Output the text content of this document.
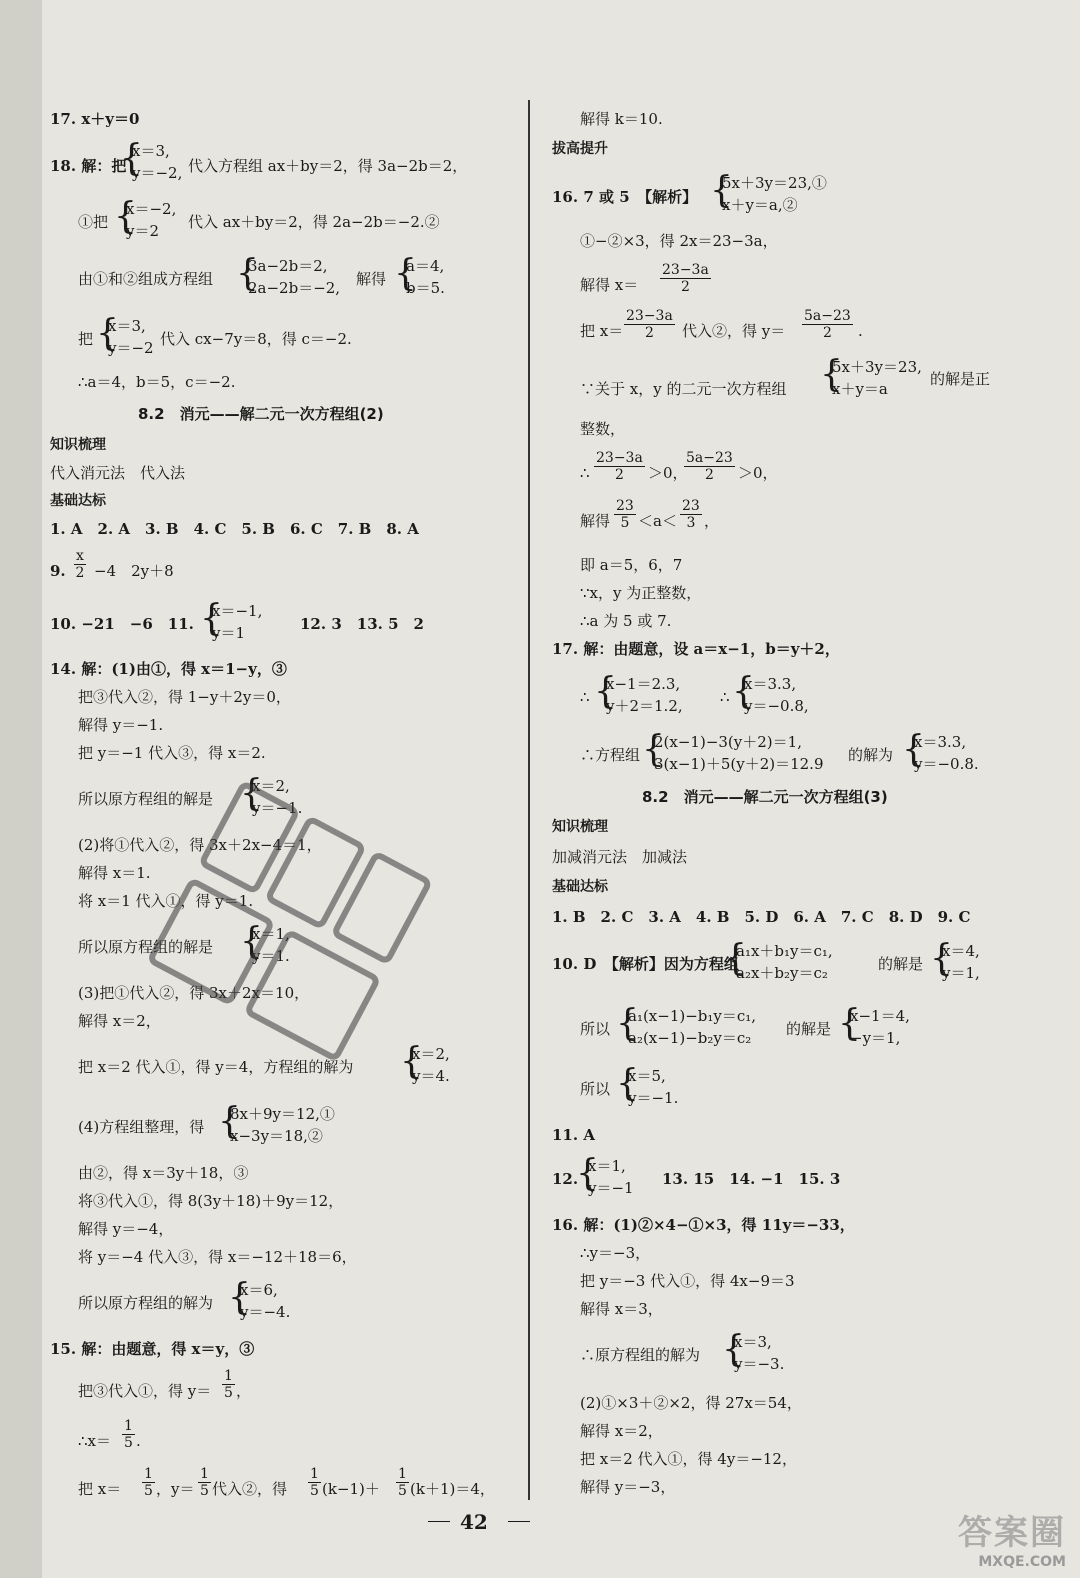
17. x＋y＝0
18. 解：把
{
x＝3,
y＝−2, 代入方程组 ax＋by＝2，得 3a−2b＝2，
①把 {
x＝−2,
y＝2 代入 ax＋by＝2，得 2a−2b＝−2.②
由①和②组成方程组 {
3a−2b＝2,
2a−2b＝−2, 解得 {
a＝4,
b＝5.
把 {
x＝3,
y＝−2 代入 cx−7y＝8，得 c＝−2.
∴a＝4，b＝5，c＝−2.
8.2　消元——解二元一次方程组(2)
知识梳理
代入消元法　代入法
基础达标
1. A　2. A　3. B　4. C　5. B　6. C　7. B　8. A
9. $\frac{x}{2} -4$　2y＋8
10. −21　−6　11. {
x＝−1,
y＝1	12. 3　13. 5　2
14. 解：(1)由①，得 x＝1−y，③
把③代入②，得 1−y＋2y＝0，
解得 y＝−1.
把 y＝−1 代入③，得 x＝2.
所以原方程组的解是 {
x＝2,
y＝−1.
(2)将①代入②，得 3x＋2x−4＝1，
解得 x＝1.
将 x＝1 代入①，得 y＝1.
所以原方程组的解是 {
x＝1,
y＝1.
(3)把①代入②，得 3x＋2x＝10，
解得 x＝2，
把 x＝2 代入①，得 y＝4，方程组的解为 {
x＝2,
y＝4.
(4)方程组整理，得 {
8x＋9y＝12,①
x−3y＝18,②
由②，得 x＝3y＋18，③
将③代入①，得 8(3y＋18)＋9y＝12，
解得 y＝−4，
将 y＝−4 代入③，得 x＝−12＋18＝6，
所以原方程组的解为 {
x＝6,
y＝−4.
15. 解：由题意，得 x＝y，③
把③代入①，得 $y= \frac{1}{5}$ ，
∴x＝ $\frac{1}{5}$ .
把 $x= \frac{1}{5}$ ，$y= \frac{1}{5}$ 代入②，得 $\frac{1}{5} (k-1)+ \frac{1}{5} (k+1)=4$，
解得 k＝10.
拔高提升
16. 7 或 5　【解析】 {
5x＋3y＝23,①
x＋y＝a,②
①−②×3，得 2x＝23−3a，
解得 $x= \frac{23-3a}{2}$
把 $x= \frac{23-3a}{2}$ 代入②，得 $y= \frac{5a-23}{2}$ .
∵关于 x，y 的二元一次方程组 {
5x＋3y＝23,
x＋y＝a
的解是正
整数，
∴ $\frac{23-3a}{2} >0$，
$\frac{5a-23}{2} >0$，
解得 $\frac{23}{5} <a< \frac{23}{3}$ ，
即 a＝5，6，7
∵x，y 为正整数，
∴a 为 5 或 7.
17. 解：由题意，设 a＝x−1，b＝y＋2，
∴ {
x−1＝2.3,
y＋2＝1.2, ∴ {
x＝3.3,
y＝−0.8,
∴方程组 {
2(x−1)−3(y＋2)＝1,
3(x−1)＋5(y＋2)＝12.9 的解为 {
x＝3.3,
y＝−0.8.
8.2　消元——解二元一次方程组(3)
知识梳理
加减消元法　加减法
基础达标
1. B　2. C　3. A　4. B　5. D　6. A　7. C　8. D　9. C
10. D　【解析】因为方程组
{
a₁x＋b₁y＝c₁,
a₂x＋b₂y＝c₂	的解是 {
x＝4,
y＝1,
所以 {
a₁(x−1)−b₁y＝c₁,
a₂(x−1)−b₂y＝c₂ 的解是 {
x−1＝4,
−y＝1,
所以 {
x＝5,
y＝−1.
11. A
12.
{
x＝1,
y＝−1 13. 15　14. −1　15. 3
16. 解：(1)②×4−①×3，得 11y＝−33，
∴y＝−3，
把 y＝−3 代入①，得 4x−9＝3
解得 x＝3，
∴原方程组的解为 {
x＝3,
y＝−3.
(2)①×3＋②×2，得 27x＝54，
解得 x＝2，
把 x＝2 代入①，得 4y＝−12，
解得 y＝−3，
42	答案圈
MXQE.COM
